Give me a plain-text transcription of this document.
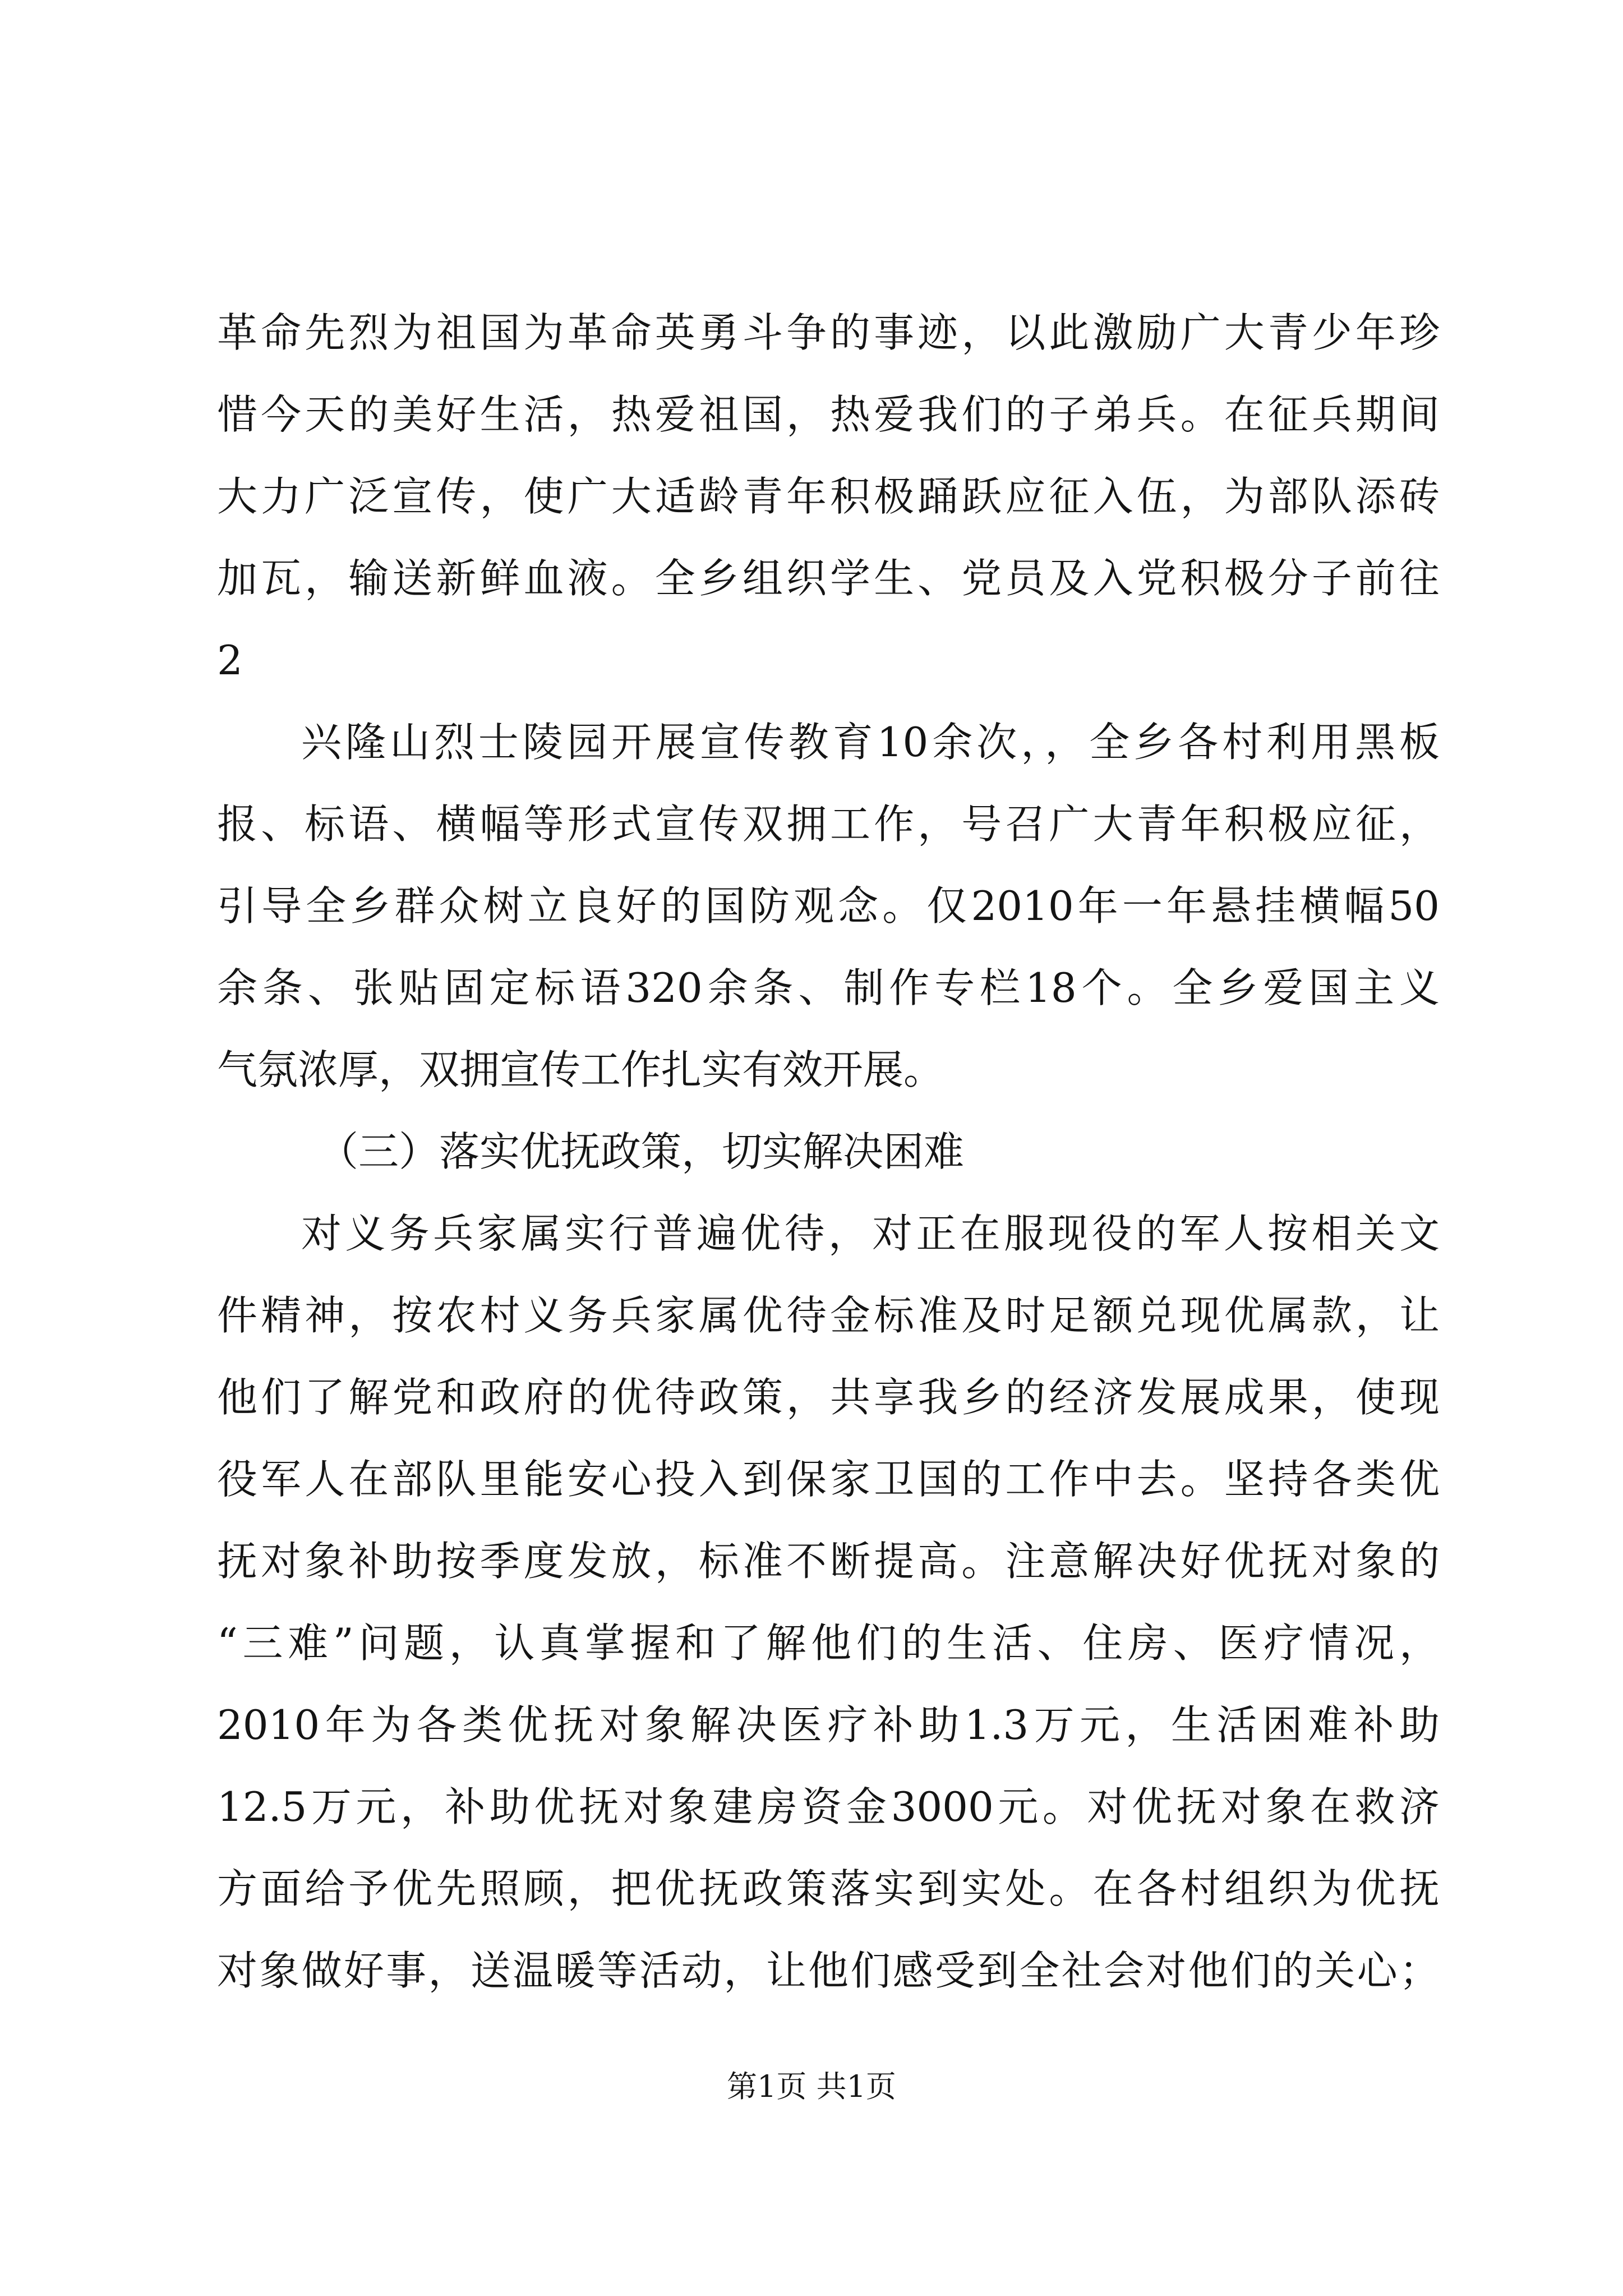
革命先烈为祖国为革命英勇斗争的事迹，以此激励广大青少年珍
惜今天的美好生活，热爱祖国，热爱我们的子弟兵。在征兵期间
大力广泛宣传，使广大适龄青年积极踊跃应征入伍，为部队添砖
加瓦，输送新鲜血液。全乡组织学生、党员及入党积极分子前往
2
兴隆山烈士陵园开展宣传教育10余次，，全乡各村利用黑板
报、标语、横幅等形式宣传双拥工作，号召广大青年积极应征，
引导全乡群众树立良好的国防观念。仅2010年一年悬挂横幅50
余条、张贴固定标语320余条、制作专栏18个。全乡爱国主义
气氛浓厚，双拥宣传工作扎实有效开展。
（三）落实优抚政策，切实解决困难
对义务兵家属实行普遍优待，对正在服现役的军人按相关文
件精神，按农村义务兵家属优待金标准及时足额兑现优属款，让
他们了解党和政府的优待政策，共享我乡的经济发展成果，使现
役军人在部队里能安心投入到保家卫国的工作中去。坚持各类优
抚对象补助按季度发放，标准不断提高。注意解决好优抚对象的
“三难”问题，认真掌握和了解他们的生活、住房、医疗情况，
2010年为各类优抚对象解决医疗补助1.3万元，生活困难补助
12.5万元，补助优抚对象建房资金3000元。对优抚对象在救济
方面给予优先照顾，把优抚政策落实到实处。在各村组织为优抚
对象做好事，送温暖等活动，让他们感受到全社会对他们的关心；
第1页 共1页
